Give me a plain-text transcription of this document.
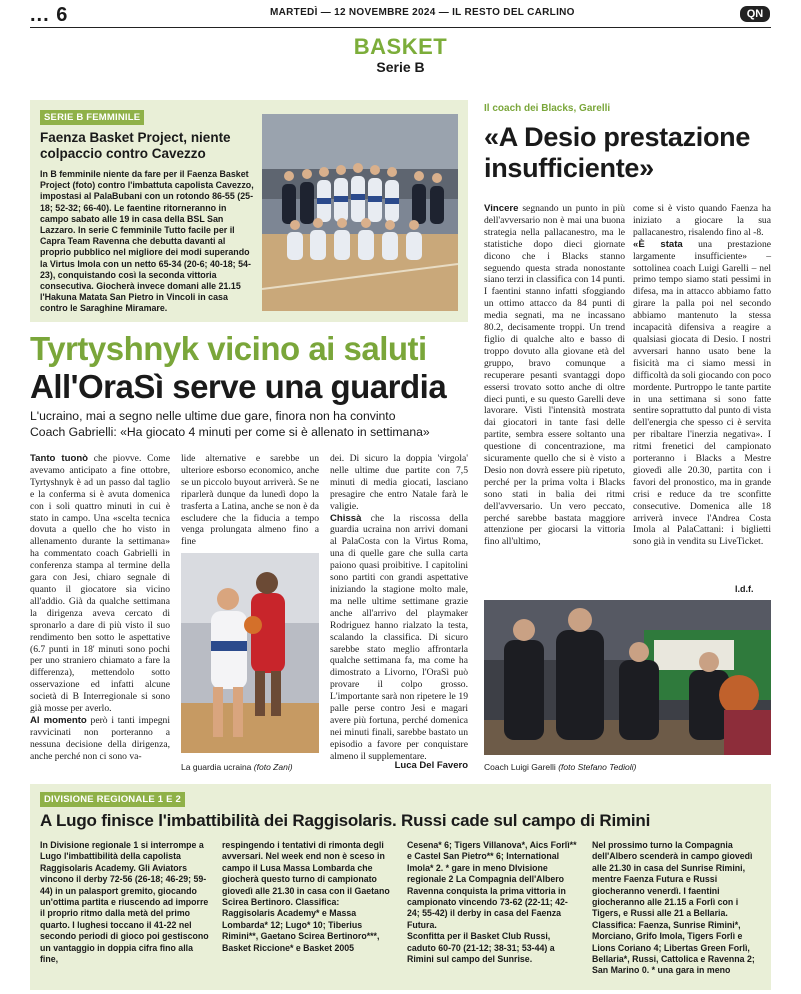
... 6	MARTEDÌ — 12 NOVEMBRE 2024 — IL RESTO DEL CARLINO	QN
BASKET
Serie B
SERIE B FEMMINILE
Faenza Basket Project, niente colpaccio contro Cavezzo
In B femminile niente da fare per il Faenza Basket Project (foto) contro l'imbattuta capolista Cavezzo, impostasi al PalaBubani con un rotondo 86-55 (25-18; 52-32; 66-40). Le faentine ritorneranno in campo sabato alle 19 in casa della BSL San Lazzaro. In serie C femminile Tutto facile per il Capra Team Ravenna che debutta davanti al proprio pubblico nel migliore dei modi superando la Virtus Imola con un netto 65-34 (20-6; 40-18; 54-23), conquistando così la seconda vittoria consecutiva. Giocherà invece domani alle 21.15 l'Hakuna Matata San Pietro in Vincoli in casa contro le Saraghine Miramare.
Il coach dei Blacks, Garelli
«A Desio prestazione insufficiente»
Vincere segnando un punto in più dell'avversario non è mai una buona strategia nella pallacanestro, ma le statistiche dopo dieci giornate dicono che i Blacks stanno seguendo questa strada nonostante siano terzi in classifica con 14 punti. I faentini stanno infatti sfoggiando un ottimo attacco da 84 punti di media segnati, ma ne incassano 80.2, decisamente troppi. Un trend figlio di qualche alto e basso di troppo dovuto alla giovane età del gruppo, bravo comunque a recuperare pesanti svantaggi dopo essersi trovato sotto anche di oltre dieci punti, e su questo Garelli deve lavorare. Visti l'intensità mostrata dai giocatori in tante fasi delle partite, sembra essere soltanto una questione di concentrazione, ma sicuramente quello che si è visto a Desio non dovrà essere più ripetuto, perché per la prima volta i Blacks sono stati in balia dei ritmi dell'avversario. Un vero peccato, perché sarebbe bastata maggiore attenzione per giocarsi la vittoria fino all'ultimo,
come si è visto quando Faenza ha iniziato a giocare la sua pallacanestro, risalendo fino al -8.
«È stata una prestazione largamente insufficiente» – sottolinea coach Luigi Garelli – nel primo tempo siamo stati pessimi in difesa, ma in attacco abbiamo fatto girare la palla poi nel secondo abbiamo mantenuto la stessa incapacità difensiva a reagire a qualsiasi giocata di Desio. I nostri avversari hanno usato bene la fisicità ma ci siamo messi in difficoltà da soli giocando con poco mordente. Purtroppo le tante partite in una settimana si sono fatte sentire soprattutto dal punto di vista dell'energia che spesso ci è servita per ribaltare l'inerzia negativa». I ritmi frenetici del campionato porteranno i Blacks a Mestre giovedì alle 20.30, partita con i favori del pronostico, ma in grande crisi e reduce da tre sconfitte consecutive. Domenica alle 18 arriverà invece l'Andrea Costa Imola al PalaCattani: i biglietti sono già in vendita su LiveTicket.
l.d.f.
Coach Luigi Garelli (foto Stefano Tedioli)
Tyrtyshnyk vicino ai saluti
All'OraSì serve una guardia
L'ucraino, mai a segno nelle ultime due gare, finora non ha convinto
Coach Gabrielli: «Ha giocato 4 minuti per come si è allenato in settimana»
Tanto tuonò che piovve. Come avevamo anticipato a fine ottobre, Tyrtyshnyk è ad un passo dal taglio e la conferma si è avuta domenica con i soli quattro minuti in cui è stato in campo. Una «scelta tecnica dovuta a quello che ho visto in allenamento durante la settimana» ha commentato coach Gabrielli in conferenza stampa al termine della gara con Jesi, chiaro segnale di quanto il giocatore sia vicino all'addio. Già da qualche settimana la dirigenza aveva cercato di spronarlo a dare di più visto il suo rendimento ben sotto le aspettative (6.7 punti in 18' minuti sono pochi per uno straniero chiamato a fare la differenza), mettendolo sotto osservazione ed infatti alcune società di B Interregionale si sono già mosse per averlo.
Al momento però i tanti impegni ravvicinati non porteranno a nessuna decisione della dirigenza, anche perché non ci sono va-
lide alternative e sarebbe un ulteriore esborso economico, anche se un piccolo buyout arriverà. Se ne riparlerà dunque da lunedì dopo la trasferta a Latina, anche se non è da escludere che la fiducia a tempo venga prolungata almeno fino a fine
La guardia ucraina (foto Zani)
dei. Di sicuro la doppia 'virgola' nelle ultime due partite con 7,5 minuti di media giocati, lasciano presagire che entro Natale farà le valigie.
Chissà che la riscossa della guardia ucraina non arrivi domani al PalaCosta con la Virtus Roma, una di quelle gare che sulla carta paiono quasi proibitive. I capitolini sono partiti con grandi aspettative iniziando la stagione molto male, ma nelle ultime settimane grazie anche all'arrivo del playmaker Rodriguez hanno rialzato la testa, scalando la classifica. Di sicuro sarebbe stato meglio affrontarla qualche settimana fa, ma come ha dimostrato a Livorno, l'OraSì può provare il colpo grosso. L'importante sarà non ripetere le 19 palle perse contro Jesi e magari avere più fortuna, perché domenica nei minuti finali, sarebbe bastato un episodio a favore per conquistare almeno il supplementare.
Luca Del Favero
DIVISIONE REGIONALE 1 E 2
A Lugo finisce l'imbattibilità dei Raggisolaris. Russi cade sul campo di Rimini
In Divisione regionale 1 si interrompe a Lugo l'imbattibilità della capolista Raggisolaris Academy. Gli Aviators vincono il derby 72-56 (26-18; 46-29; 59-44) in un palasport gremito, giocando un'ottima partita e riuscendo ad imporre il proprio ritmo dalla metà del primo quarto. I lughesi toccano il 41-22 nel secondo periodi di gioco poi gestiscono un vantaggio in doppia cifra fino alla fine,
respingendo i tentativi di rimonta degli avversari. Nel week end non è sceso in campo il Lusa Massa Lombarda che giocherà questo turno di campionato giovedì alle 21.30 in casa con il Gaetano Scirea Bertinoro. Classifica: Raggisolaris Academy* e Massa Lombarda* 12; Lugo* 10; Tiberius Rimini**, Gaetano Scirea Bertinoro***, Basket Riccione* e Basket 2005
Cesena* 6; Tigers Villanova*, Aics Forlì** e Castel San Pietro** 6; International Imola* 2. * gare in meno DIvisione regionale 2 La Compagnia dell'Albero Ravenna conquista la prima vittoria in campionato vincendo 73-62 (22-11; 42-24; 55-42) il derby in casa del Faenza Futura.
Sconfitta per il Basket Club Russi, caduto 60-70 (21-12; 38-31; 53-44) a Rimini sul campo del Sunrise.
Nel prossimo turno la Compagnia dell'Albero scenderà in campo giovedì alle 21.30 in casa del Sunrise Rimini, mentre Faenza Futura e Russi giocheranno venerdì. I faentini giocheranno alle 21.15 a Forlì con i Tigers, e Russi alle 21 a Bellaria. Classifica: Faenza, Sunrise Rimini*, Morciano, Grifo Imola, Tigers Forlì e Lions Coriano 4; Libertas Green Forlì, Bellaria*, Russi, Cattolica e Ravenna 2; San Marino 0. * una gara in meno
